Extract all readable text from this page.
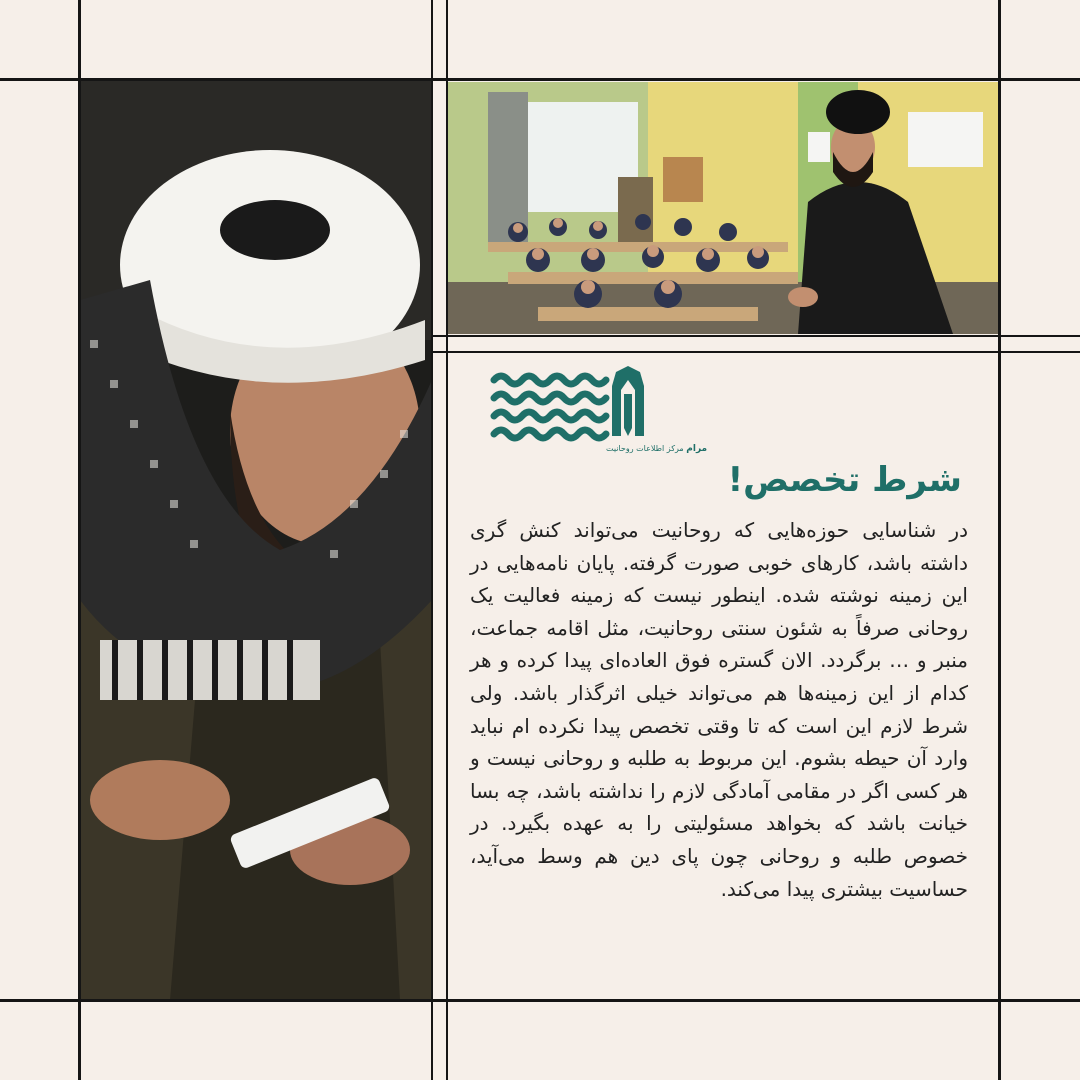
مرام مرکز اطلاعات روحانیت
شرط تخصص!
در شناسایی حوزه‌هایی که روحانیت می‌تواند کنش گری داشته باشد، کارهای خوبی صورت گرفته. پایان نامه‌هایی در این زمینه نوشته شده. اینطور نیست که زمینه فعالیت یک روحانی صرفاً به شئون سنتی روحانیت، مثل اقامه جماعت، منبر و … برگردد. الان گستره فوق العاده‌ای پیدا کرده و هر کدام از این زمینه‌ها هم می‌تواند خیلی اثرگذار باشد. ولی شرط لازم این است که تا وقتی تخصص پیدا نکرده ام نباید وارد آن حیطه بشوم. این مربوط به طلبه و روحانی نیست و هر کسی اگر در مقامی آمادگی لازم را نداشته باشد، چه بسا خیانت باشد که بخواهد مسئولیتی را به عهده بگیرد. در خصوص طلبه و روحانی چون پای دین هم وسط می‌آید، حساسیت بیشتری پیدا می‌کند.
